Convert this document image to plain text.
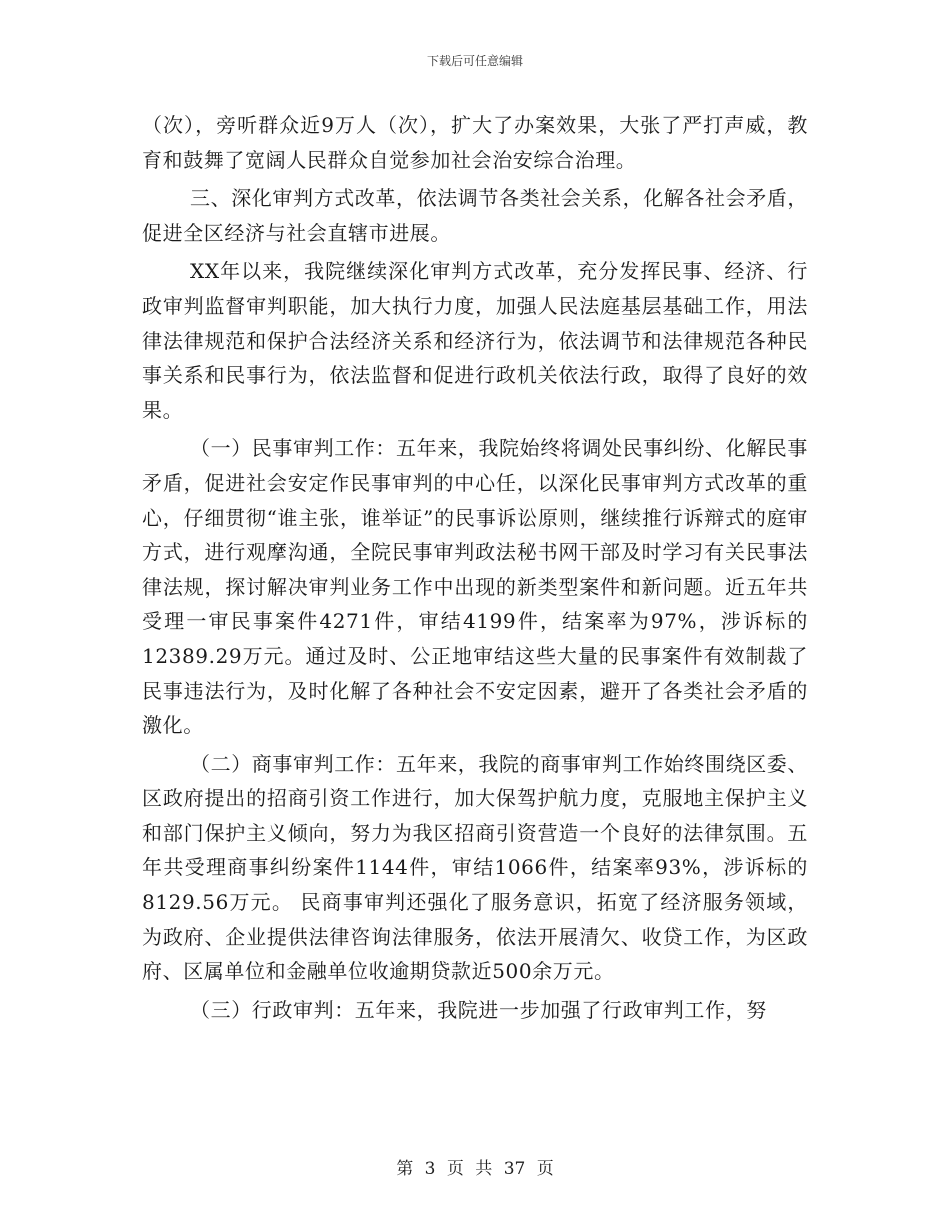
下载后可任意编辑

（次），旁听群众近9万人（次），扩大了办案效果，大张了严打声威，教育和鼓舞了宽阔人民群众自觉参加社会治安综合治理。

三、深化审判方式改革，依法调节各类社会关系，化解各社会矛盾，促进全区经济与社会直辖市进展。

XX年以来，我院继续深化审判方式改革，充分发挥民事、经济、行政审判监督审判职能，加大执行力度，加强人民法庭基层基础工作，用法律法律规范和保护合法经济关系和经济行为，依法调节和法律规范各种民事关系和民事行为，依法监督和促进行政机关依法行政，取得了良好的效果。

（一）民事审判工作：五年来，我院始终将调处民事纠纷、化解民事矛盾，促进社会安定作民事审判的中心任，以深化民事审判方式改革的重心，仔细贯彻“谁主张，谁举证”的民事诉讼原则，继续推行诉辩式的庭审方式，进行观摩沟通，全院民事审判政法秘书网干部及时学习有关民事法律法规，探讨解决审判业务工作中出现的新类型案件和新问题。近五年共受理一审民事案件4271件，审结4199件，结案率为97%，涉诉标的12389.29万元。通过及时、公正地审结这些大量的民事案件有效制裁了民事违法行为，及时化解了各种社会不安定因素，避开了各类社会矛盾的激化。

（二）商事审判工作：五年来，我院的商事审判工作始终围绕区委、区政府提出的招商引资工作进行，加大保驾护航力度，克服地主保护主义和部门保护主义倾向，努力为我区招商引资营造一个良好的法律氛围。五年共受理商事纠纷案件1144件，审结1066件，结案率93%，涉诉标的8129.56万元。 民商事审判还强化了服务意识，拓宽了经济服务领域，为政府、企业提供法律咨询法律服务，依法开展清欠、收贷工作，为区政府、区属单位和金融单位收逾期贷款近500余万元。

（三）行政审判：五年来，我院进一步加强了行政审判工作，努

第 3 页 共 37 页
